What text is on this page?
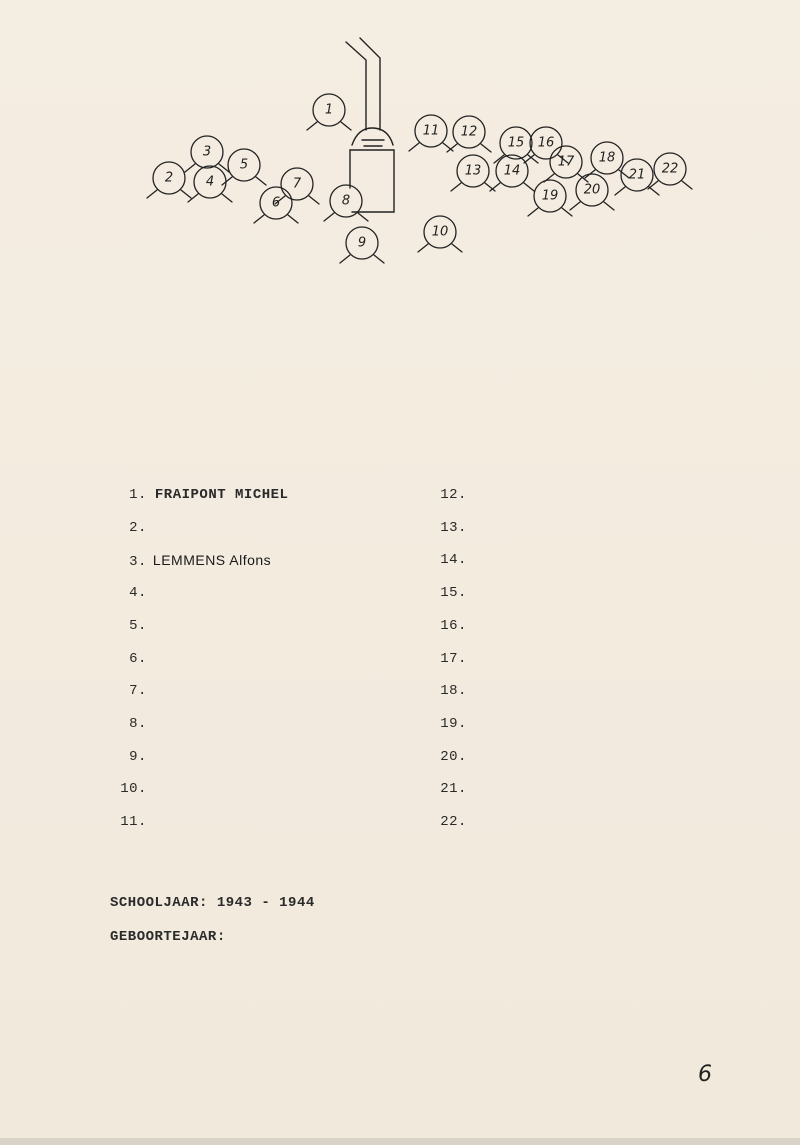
1
2
3
4
5
6
7
8
9
10
11 12
13 14
15 16
17 18
19 20
21 22
1. FRAIPONT MICHEL
2.
3. LEMMENS Alfons
4.
5.
6.
7.
8.
9.
10.
11.
12.
13.
14.
15.
16.
17.
18.
19.
20.
21.
22.
SCHOOLJAAR: 1943 - 1944
GEBOORTEJAAR:
6
